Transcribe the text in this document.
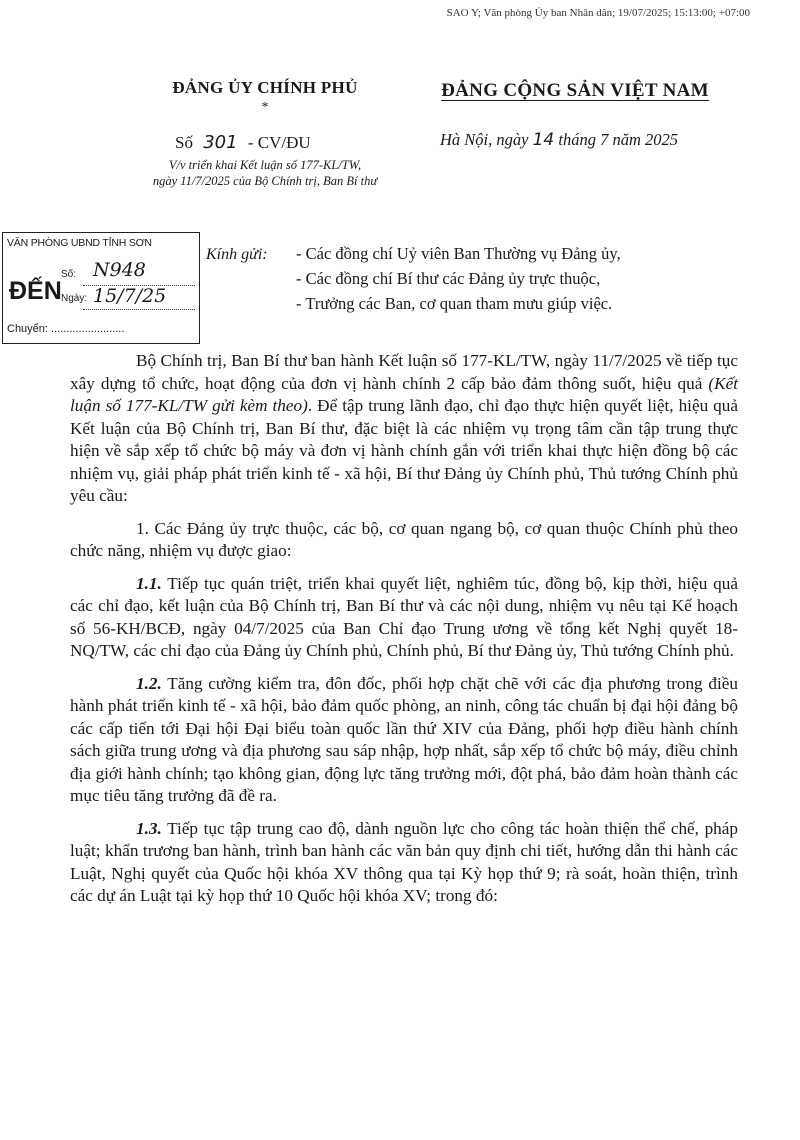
SAO Y; Văn phòng Ủy ban Nhân dân; 19/07/2025; 15:13:00; +07:00
ĐẢNG ỦY CHÍNH PHỦ
*
Số 301 - CV/ĐU
V/v triển khai Kết luận số 177-KL/TW,
ngày 11/7/2025 của Bộ Chính trị, Ban Bí thư
ĐẢNG CỘNG SẢN VIỆT NAM
Hà Nội, ngày 14 tháng 7 năm 2025
VĂN PHÒNG UBND TỈNH SƠN
ĐẾN
Số: N948
Ngày: 15/7/25
Chuyển: ........................
Kính gửi: - Các đồng chí Uỷ viên Ban Thường vụ Đảng ủy,
- Các đồng chí Bí thư các Đảng ủy trực thuộc,
- Trưởng các Ban, cơ quan tham mưu giúp việc.

Bộ Chính trị, Ban Bí thư ban hành Kết luận số 177-KL/TW, ngày 11/7/2025 về tiếp tục xây dựng tổ chức, hoạt động của đơn vị hành chính 2 cấp bảo đảm thông suốt, hiệu quả (Kết luận số 177-KL/TW gửi kèm theo). Để tập trung lãnh đạo, chỉ đạo thực hiện quyết liệt, hiệu quả Kết luận của Bộ Chính trị, Ban Bí thư, đặc biệt là các nhiệm vụ trọng tâm cần tập trung thực hiện về sắp xếp tổ chức bộ máy và đơn vị hành chính gắn với triển khai thực hiện đồng bộ các nhiệm vụ, giải pháp phát triển kinh tế - xã hội, Bí thư Đảng ủy Chính phủ, Thủ tướng Chính phủ yêu cầu:

1. Các Đảng ủy trực thuộc, các bộ, cơ quan ngang bộ, cơ quan thuộc Chính phủ theo chức năng, nhiệm vụ được giao:

1.1. Tiếp tục quán triệt, triển khai quyết liệt, nghiêm túc, đồng bộ, kịp thời, hiệu quả các chỉ đạo, kết luận của Bộ Chính trị, Ban Bí thư và các nội dung, nhiệm vụ nêu tại Kế hoạch số 56-KH/BCĐ, ngày 04/7/2025 của Ban Chỉ đạo Trung ương về tổng kết Nghị quyết 18-NQ/TW, các chỉ đạo của Đảng ủy Chính phủ, Chính phủ, Bí thư Đảng ủy, Thủ tướng Chính phủ.

1.2. Tăng cường kiểm tra, đôn đốc, phối hợp chặt chẽ với các địa phương trong điều hành phát triển kinh tế - xã hội, bảo đảm quốc phòng, an ninh, công tác chuẩn bị đại hội đảng bộ các cấp tiến tới Đại hội Đại biểu toàn quốc lần thứ XIV của Đảng, phối hợp điều hành chính sách giữa trung ương và địa phương sau sáp nhập, hợp nhất, sắp xếp tổ chức bộ máy, điều chỉnh địa giới hành chính; tạo không gian, động lực tăng trưởng mới, đột phá, bảo đảm hoàn thành các mục tiêu tăng trưởng đã đề ra.

1.3. Tiếp tục tập trung cao độ, dành nguồn lực cho công tác hoàn thiện thể chế, pháp luật; khẩn trương ban hành, trình ban hành các văn bản quy định chi tiết, hướng dẫn thi hành các Luật, Nghị quyết của Quốc hội khóa XV thông qua tại Kỳ họp thứ 9; rà soát, hoàn thiện, trình các dự án Luật tại kỳ họp thứ 10 Quốc hội khóa XV; trong đó:
